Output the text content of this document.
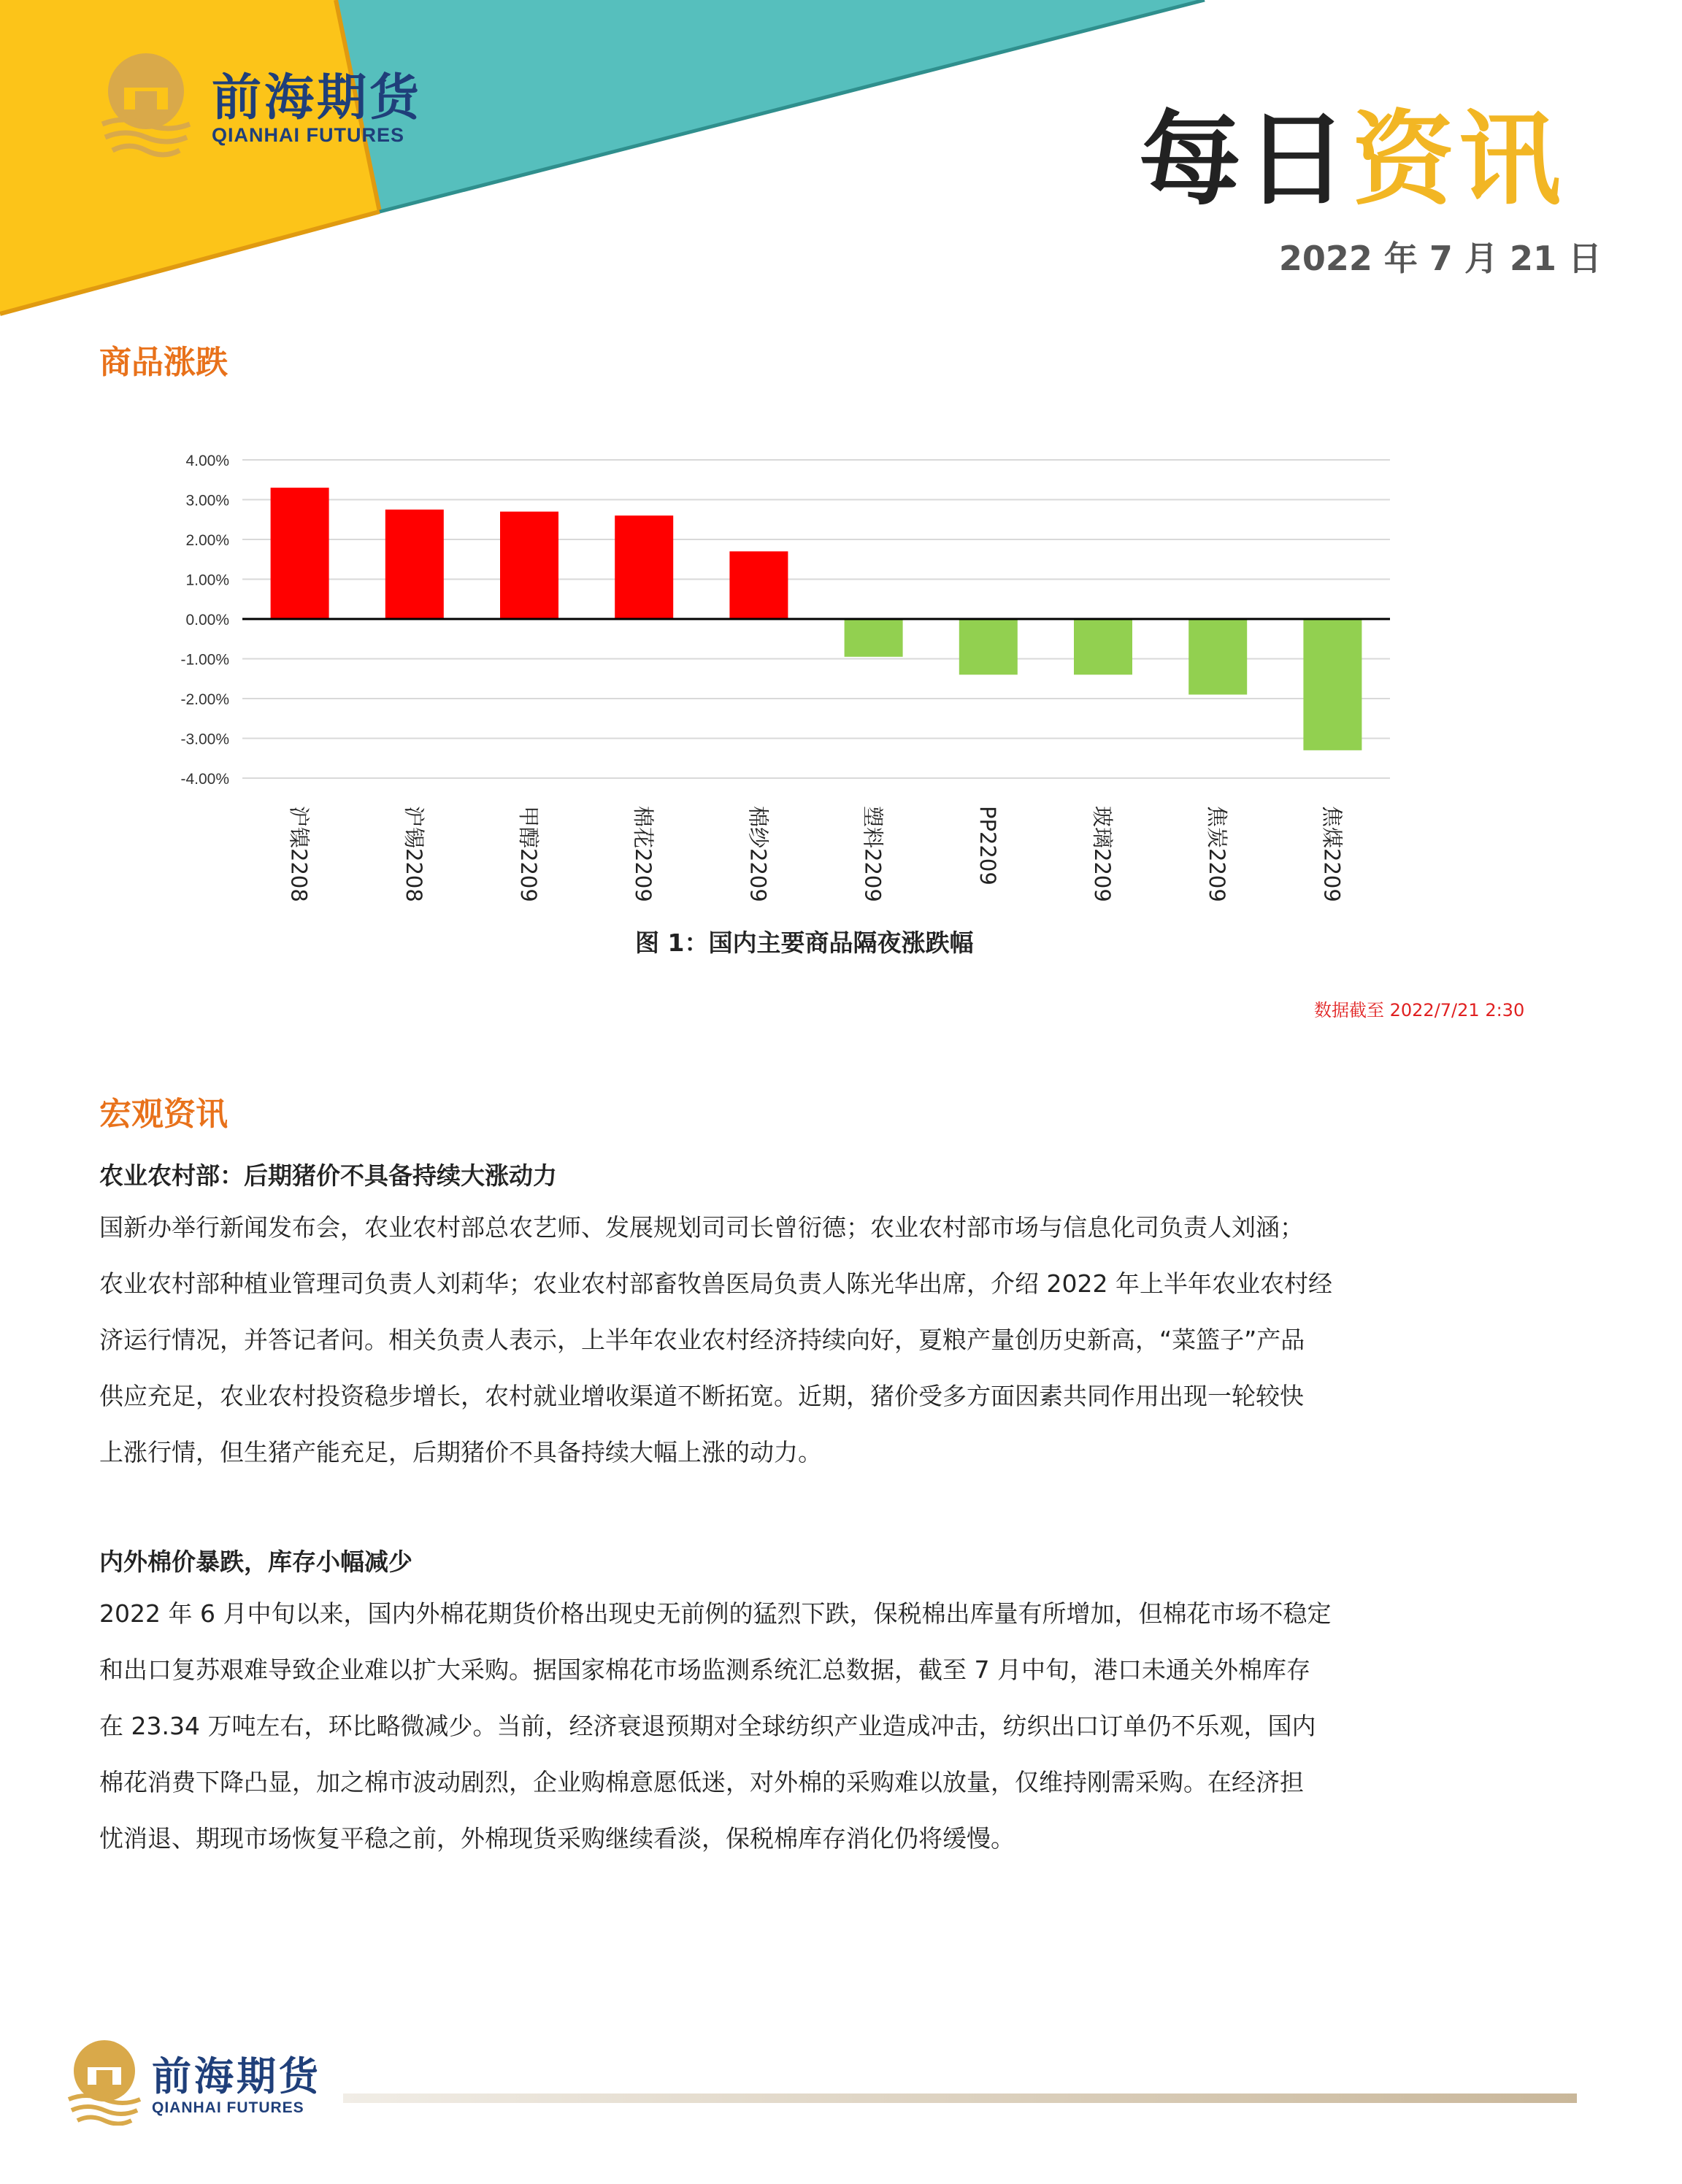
前海期货
QIANHAI FUTURES	每日资讯
2022 年 7 月 21 日
商品涨跌
4.00%
3.00%
2.00%
1.00%
0.00%
-1.00%
-2.00%
-3.00%
-4.00%
沪镍2208	沪锡2208	甲醇2209	棉花2209	棉纱2209	塑料2209	PP2209	玻璃2209	焦炭2209	焦煤2209
图 1：国内主要商品隔夜涨跌幅
数据截至 2022/7/21 2:30
宏观资讯
农业农村部：后期猪价不具备持续大涨动力
国新办举行新闻发布会，农业农村部总农艺师、发展规划司司长曾衍德；农业农村部市场与信息化司负责人刘涵；
农业农村部种植业管理司负责人刘莉华；农业农村部畜牧兽医局负责人陈光华出席，介绍 2022 年上半年农业农村经
济运行情况，并答记者问。相关负责人表示，上半年农业农村经济持续向好，夏粮产量创历史新高，“菜篮子”产品
供应充足，农业农村投资稳步增长，农村就业增收渠道不断拓宽。近期，猪价受多方面因素共同作用出现一轮较快
上涨行情，但生猪产能充足，后期猪价不具备持续大幅上涨的动力。
内外棉价暴跌，库存小幅减少
2022 年 6 月中旬以来，国内外棉花期货价格出现史无前例的猛烈下跌，保税棉出库量有所增加，但棉花市场不稳定
和出口复苏艰难导致企业难以扩大采购。据国家棉花市场监测系统汇总数据，截至 7 月中旬，港口未通关外棉库存
在 23.34 万吨左右，环比略微减少。当前，经济衰退预期对全球纺织产业造成冲击，纺织出口订单仍不乐观，国内
棉花消费下降凸显，加之棉市波动剧烈，企业购棉意愿低迷，对外棉的采购难以放量，仅维持刚需采购。在经济担
忧消退、期现市场恢复平稳之前，外棉现货采购继续看淡，保税棉库存消化仍将缓慢。
前海期货
QIANHAI FUTURES
